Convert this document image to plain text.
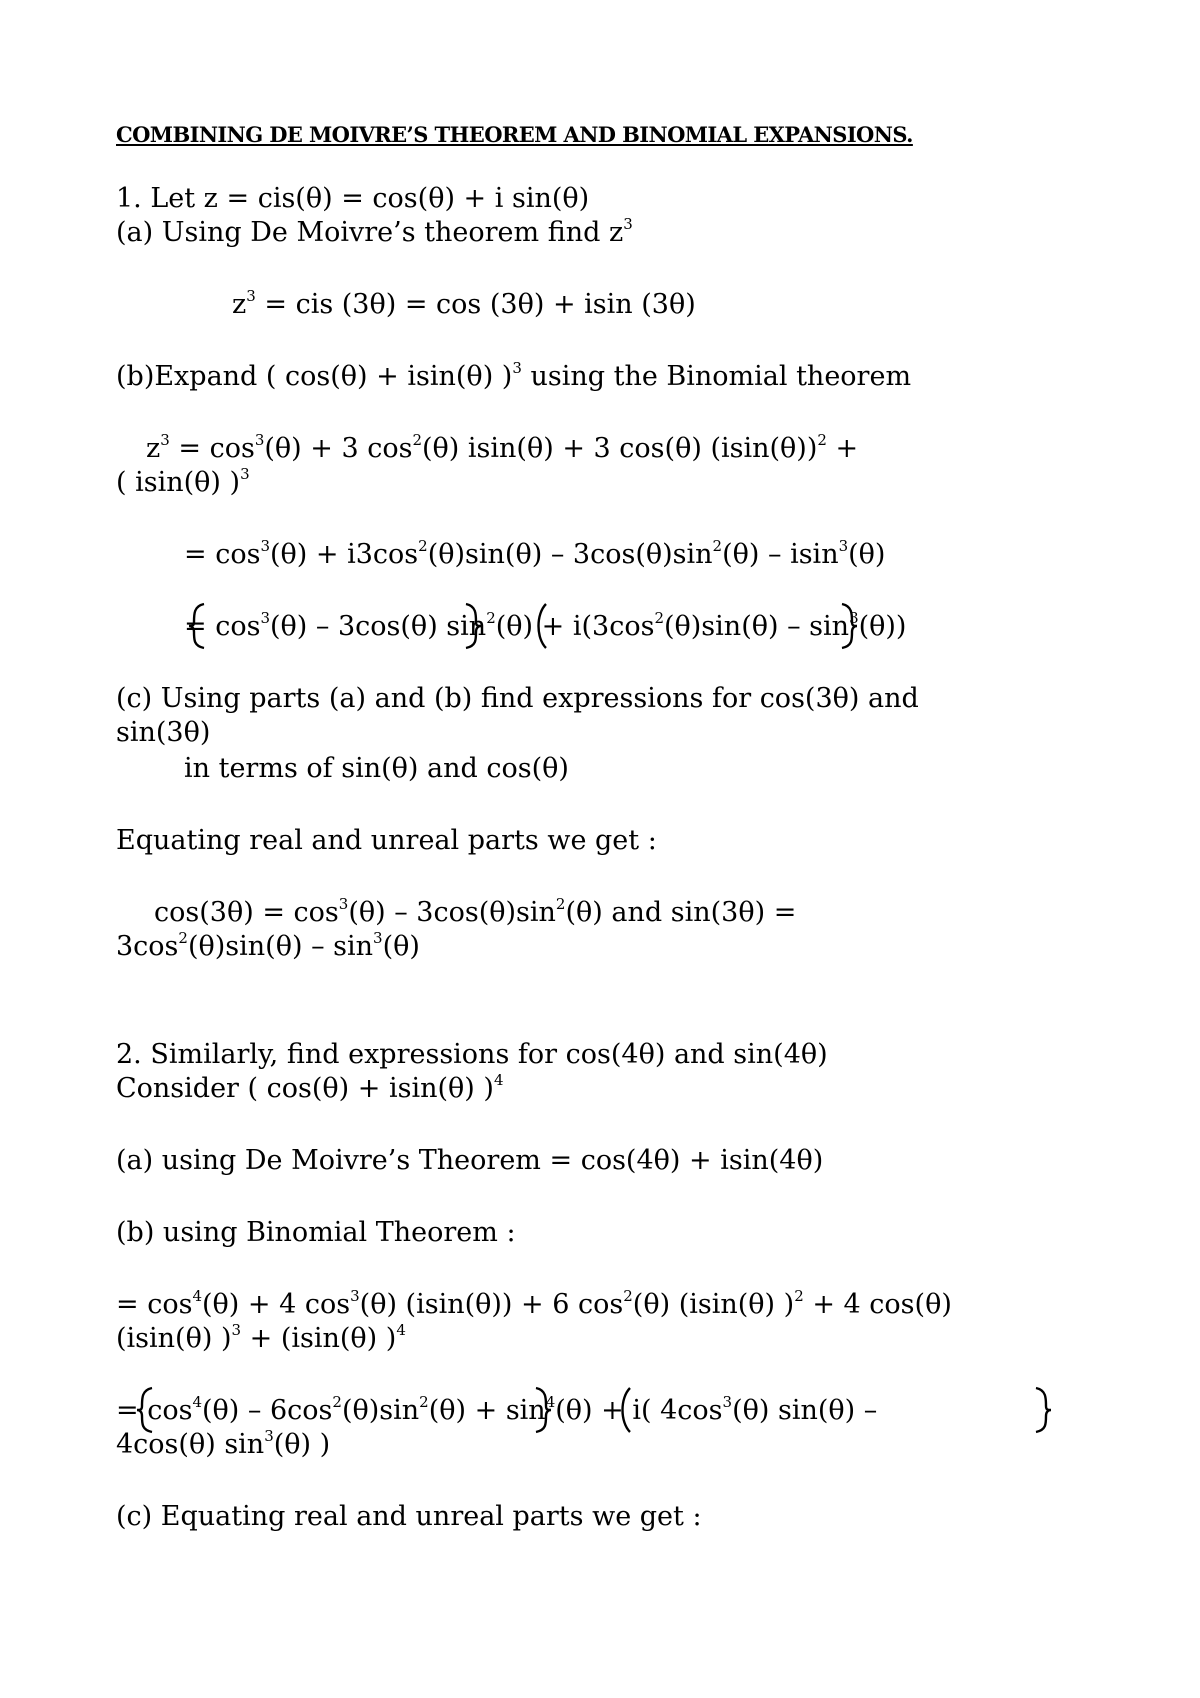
COMBINING DE MOIVRE’S THEOREM AND BINOMIAL EXPANSIONS.
1. Let z = cis(θ) = cos(θ) + i sin(θ)
(a) Using De Moivre’s theorem find $z^3$
$z^3$ = cis (3θ) = cos (3θ) + isin (3θ)
(b)Expand ( cos(θ) + isin(θ) )$^3$ using the Binomial theorem
$z^3 = \cos^3(\theta) + 3$ $\cos^2(\theta) isin(\theta) + 3$ cos(θ) $(isin(\theta))^2$ +
( isin(θ) )$^3$
= $\cos^3(\theta) + i3\cos^2(\theta)\sin(\theta) - 3\cos(\theta)\sin^2(\theta) - isin^3(\theta)$
= $\cos^3(\theta) - 3\cos(\theta) \sin^2(\theta) + i(3\cos^2(\theta)\sin(\theta) - \sin^3(\theta))$
(c) Using parts (a) and (b) find expressions for cos(3θ) and
sin(3θ)
in terms of sin(θ) and cos(θ)
Equating real and unreal parts we get :
$\cos(3\theta) = \cos^3(\theta) - 3\cos(\theta)\sin^2(\theta)$ and sin(3θ) =
$3\cos^2(\theta)\sin(\theta) - \sin^3(\theta)$
2. Similarly, find expressions for cos(4θ) and sin(4θ)
Consider ( cos(θ) + isin(θ) )$^4$
(a) using De Moivre’s Theorem = cos(4θ) + isin(4θ)
(b) using Binomial Theorem :
= $\cos^4(\theta) + 4$ $\cos^3(\theta) (isin(\theta)) + 6$ $\cos^2(\theta)$ (isin(θ) )$^2$ + 4 cos(θ)
(isin(θ) )$^3$ + (isin(θ) )$^4$
= $\cos^4(\theta) - 6\cos^2(\theta)\sin^2(\theta) + \sin^4(\theta) + i$( $4\cos^3(\theta)$ sin(θ) –
4cos(θ) $\sin^3(\theta)$ )
(c) Equating real and unreal parts we get :
